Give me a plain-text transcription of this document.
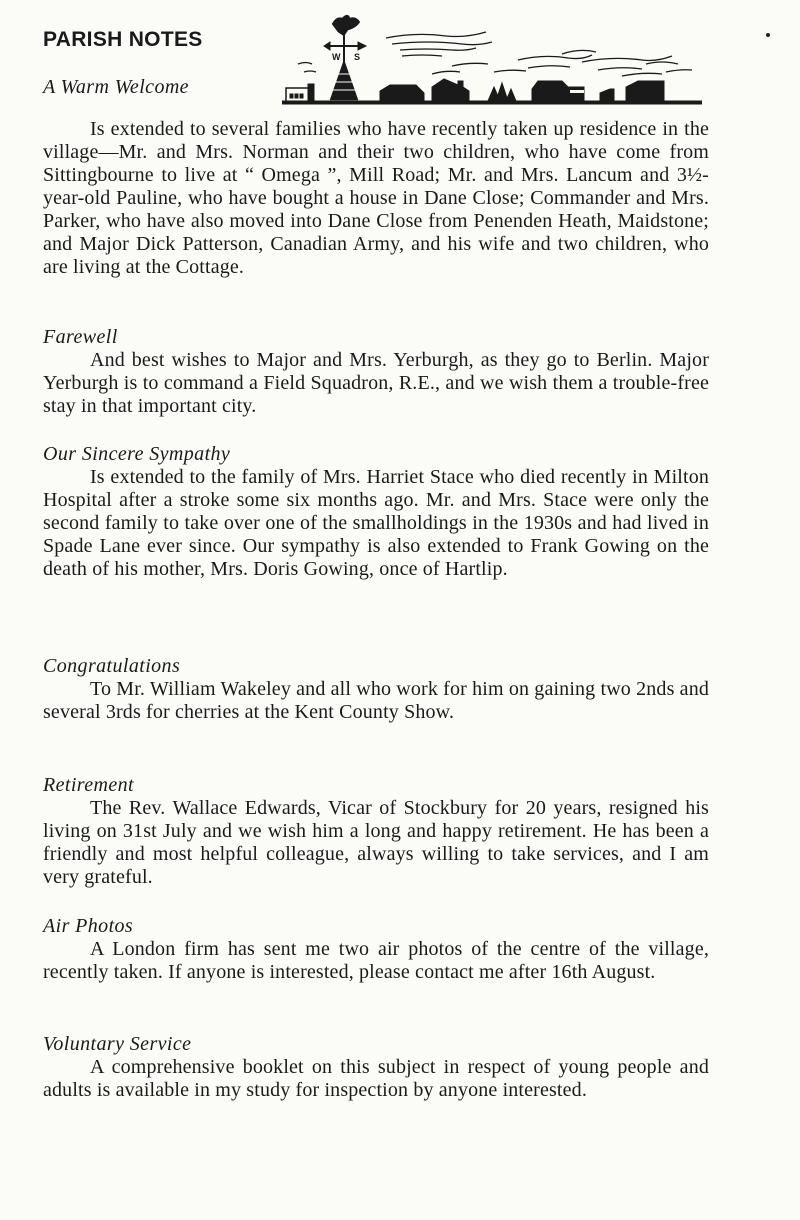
PARISH NOTES
W S

A Warm Welcome

Is extended to several families who have recently taken up residence in the village—Mr. and Mrs. Norman and their two children, who have come from Sittingbourne to live at “ Omega ”, Mill Road; Mr. and Mrs. Lancum and 3½-year-old Pauline, who have bought a house in Dane Close; Commander and Mrs. Parker, who have also moved into Dane Close from Penenden Heath, Maidstone; and Major Dick Patterson, Canadian Army, and his wife and two children, who are living at the Cottage.

Farewell

And best wishes to Major and Mrs. Yerburgh, as they go to Berlin. Major Yerburgh is to command a Field Squadron, R.E., and we wish them a trouble-free stay in that important city.

Our Sincere Sympathy

Is extended to the family of Mrs. Harriet Stace who died recently in Milton Hospital after a stroke some six months ago. Mr. and Mrs. Stace were only the second family to take over one of the smallholdings in the 1930s and had lived in Spade Lane ever since. Our sympathy is also extended to Frank Gowing on the death of his mother, Mrs. Doris Gowing, once of Hartlip.

Congratulations

To Mr. William Wakeley and all who work for him on gaining two 2nds and several 3rds for cherries at the Kent County Show.

Retirement

The Rev. Wallace Edwards, Vicar of Stockbury for 20 years, resigned his living on 31st July and we wish him a long and happy retirement. He has been a friendly and most helpful colleague, always willing to take services, and I am very grateful.

Air Photos

A London firm has sent me two air photos of the centre of the village, recently taken. If anyone is interested, please contact me after 16th August.

Voluntary Service

A comprehensive booklet on this subject in respect of young people and adults is available in my study for inspection by anyone interested.
